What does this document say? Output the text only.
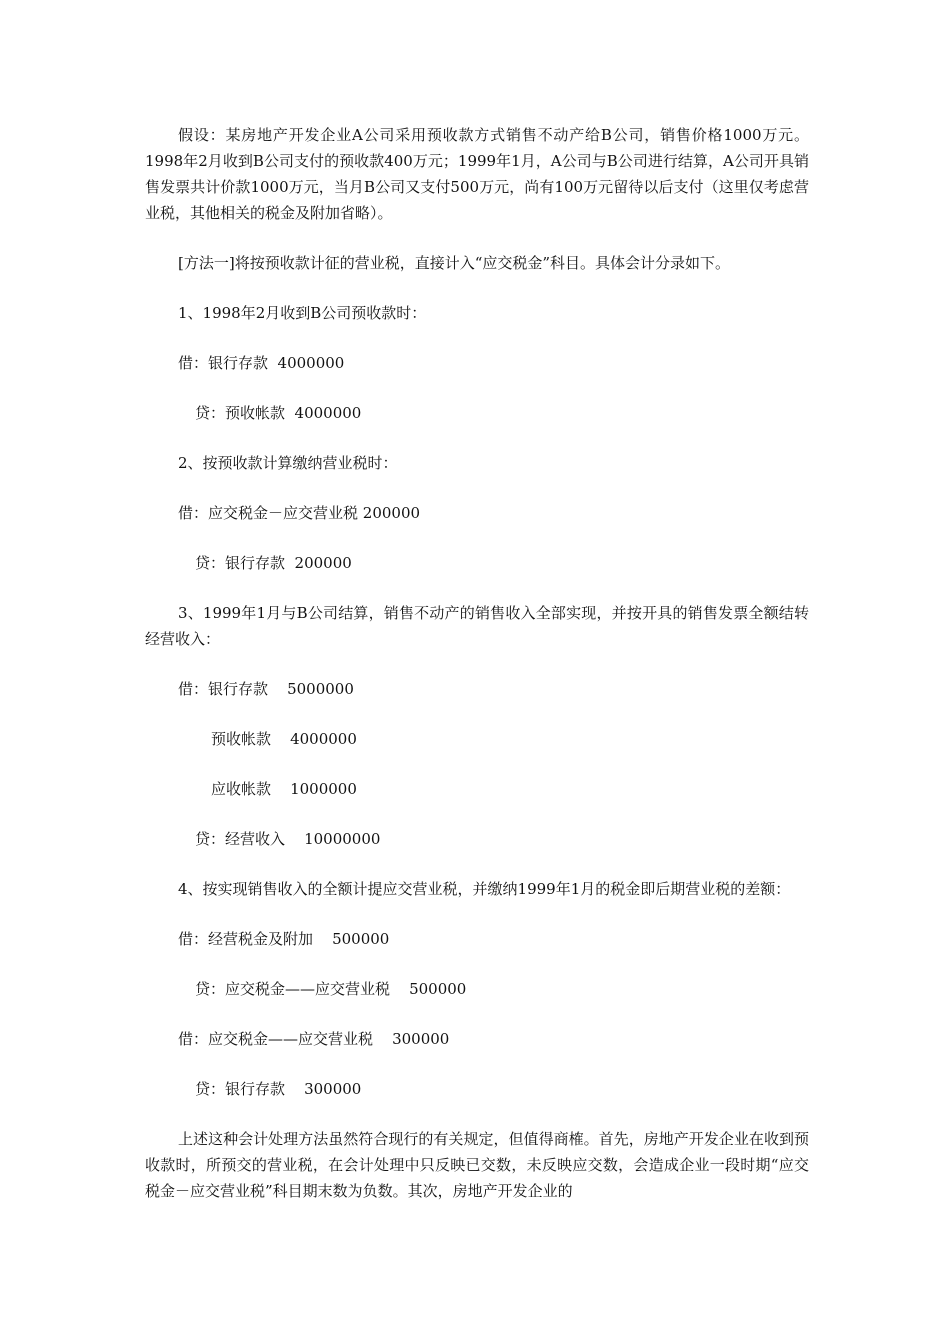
假设：某房地产开发企业A公司采用预收款方式销售不动产给B公司，销售价格1000万元。1998年2月收到B公司支付的预收款400万元；1999年1月，A公司与B公司进行结算，A公司开具销售发票共计价款1000万元，当月B公司又支付500万元，尚有100万元留待以后支付（这里仅考虑营业税，其他相关的税金及附加省略）。

[方法一]将按预收款计征的营业税，直接计入“应交税金”科目。具体会计分录如下。

1、1998年2月收到B公司预收款时：

借：银行存款  4000000
贷：预收帐款  4000000

2、按预收款计算缴纳营业税时：

借：应交税金－应交营业税 200000
贷：银行存款  200000

3、1999年1月与B公司结算，销售不动产的销售收入全部实现，并按开具的销售发票全额结转经营收入：

借：银行存款    5000000
预收帐款    4000000
应收帐款    1000000
贷：经营收入    10000000

4、按实现销售收入的全额计提应交营业税，并缴纳1999年1月的税金即后期营业税的差额：

借：经营税金及附加    500000
贷：应交税金——应交营业税    500000
借：应交税金——应交营业税    300000
贷：银行存款    300000

上述这种会计处理方法虽然符合现行的有关规定，但值得商榷。首先，房地产开发企业在收到预收款时，所预交的营业税，在会计处理中只反映已交数，未反映应交数，会造成企业一段时期“应交税金－应交营业税”科目期末数为负数。其次，房地产开发企业的
